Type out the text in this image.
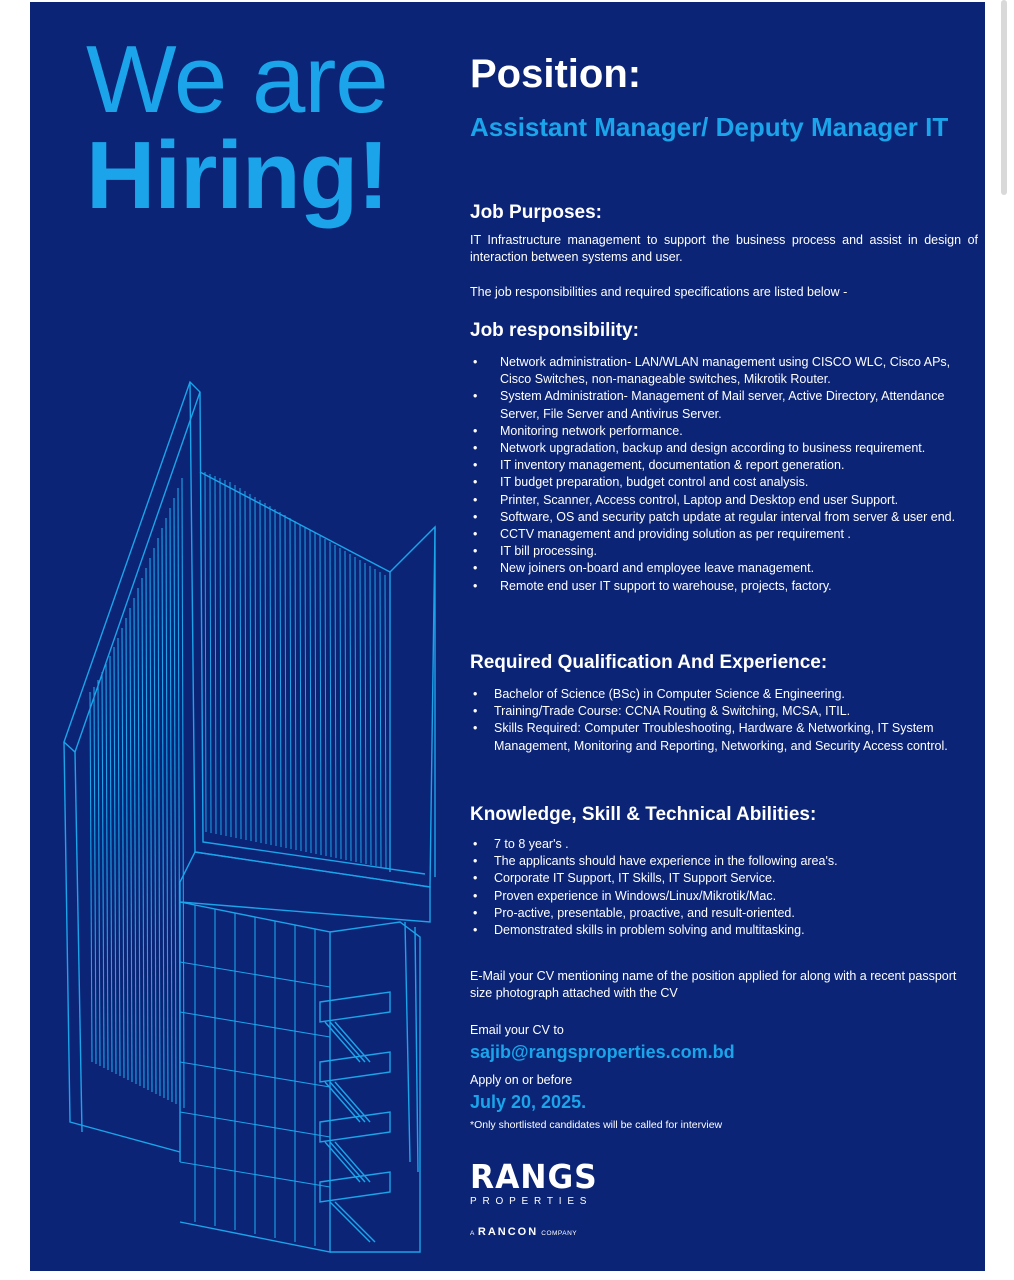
We are
Hiring!
Position:
Assistant Manager/ Deputy Manager IT
Job Purposes:
IT Infrastructure management to support the business process and assist in design of interaction between systems and user.
The job responsibilities and required specifications are listed below -
Job responsibility:
• Network administration- LAN/WLAN management using CISCO WLC, Cisco APs, Cisco Switches, non-manageable switches, Mikrotik Router.
• System Administration- Management of Mail server, Active Directory, Attendance Server, File Server and Antivirus Server.
• Monitoring network performance.
• Network upgradation, backup and design according to business requirement.
• IT inventory management, documentation & report generation.
• IT budget preparation, budget control and cost analysis.
• Printer, Scanner, Access control, Laptop and Desktop end user Support.
• Software, OS and security patch update at regular interval from server & user end.
• CCTV management and providing solution as per requirement .
• IT bill processing.
• New joiners on-board and employee leave management.
• Remote end user IT support to warehouse, projects, factory.
Required Qualification And Experience:
• Bachelor of Science (BSc) in Computer Science & Engineering.
• Training/Trade Course: CCNA Routing & Switching, MCSA, ITIL.
• Skills Required: Computer Troubleshooting, Hardware & Networking, IT System Management, Monitoring and Reporting, Networking, and Security Access control.
Knowledge, Skill & Technical Abilities:
• 7 to 8 year's .
• The applicants should have experience in the following area's.
• Corporate IT Support, IT Skills, IT Support Service.
• Proven experience in Windows/Linux/Mikrotik/Mac.
• Pro-active, presentable, proactive, and result-oriented.
• Demonstrated skills in problem solving and multitasking.
E-Mail your CV mentioning name of the position applied for along with a recent passport size photograph attached with the CV
Email your CV to
sajib@rangsproperties.com.bd
Apply on or before
July 20, 2025.
*Only shortlisted candidates will be called for interview
RANGS
PROPERTIES
A RANCON COMPANY
